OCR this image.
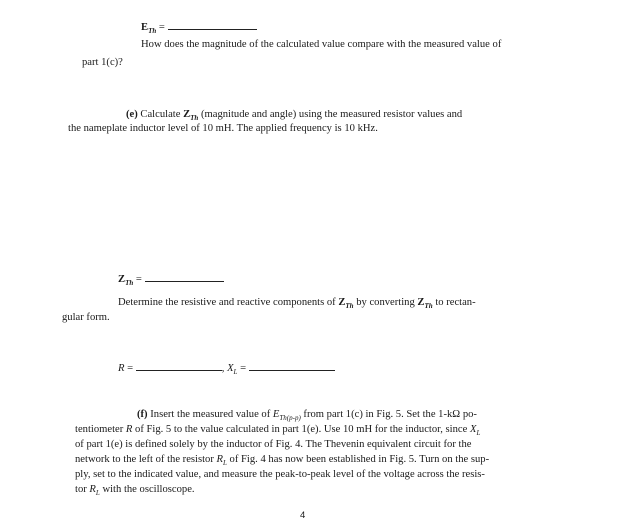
$E_{Th}$ =
How does the magnitude of the calculated value compare with the measured value of
part 1(c)?
(e) Calculate $Z_{Th}$ (magnitude and angle) using the measured resistor values and
the nameplate inductor level of 10 mH. The applied frequency is 10 kHz.
$Z_{Th}$ =
Determine the resistive and reactive components of $Z_{Th}$ by converting $Z_{Th}$ to rectan-
gular form.
R =	, $X_L$ =
(f) Insert the measured value of $E_{Th(p-p)}$ from part 1(c) in Fig. 5. Set the 1-kΩ po-
tentiometer R of Fig. 5 to the value calculated in part 1(e). Use 10 mH for the inductor, since $X_L$
of part 1(e) is defined solely by the inductor of Fig. 4. The Thevenin equivalent circuit for the
network to the left of the resistor $R_L$ of Fig. 4 has now been established in Fig. 5. Turn on the sup-
ply, set to the indicated value, and measure the peak-to-peak level of the voltage across the resis-
tor $R_L$ with the oscilloscope.
4
